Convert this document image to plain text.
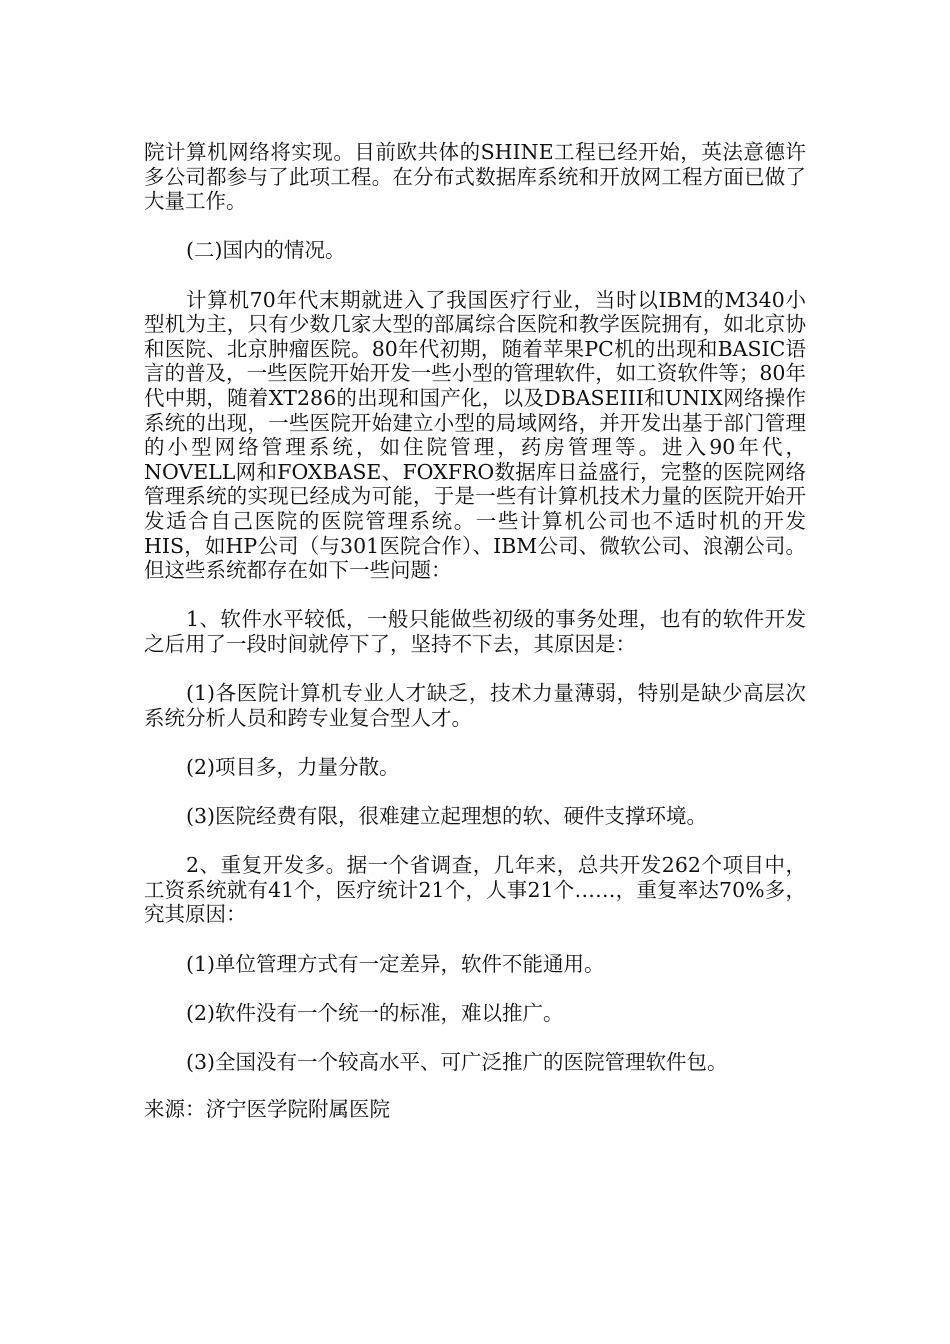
院计算机网络将实现。目前欧共体的SHINE工程已经开始，英法意德许多公司都参与了此项工程。在分布式数据库系统和开放网工程方面已做了大量工作。

(二)国内的情况。

计算机70年代末期就进入了我国医疗行业，当时以IBM的M340小型机为主，只有少数几家大型的部属综合医院和教学医院拥有，如北京协和医院、北京肿瘤医院。80年代初期，随着苹果PC机的出现和BASIC语言的普及，一些医院开始开发一些小型的管理软件，如工资软件等；80年代中期，随着XT286的出现和国产化，以及DBASEIII和UNIX网络操作系统的出现，一些医院开始建立小型的局域网络，并开发出基于部门管理的小型网络管理系统，如住院管理，药房管理等。进入90年代，NOVELL网和FOXBASE、FOXFRO数据库日益盛行，完整的医院网络管理系统的实现已经成为可能，于是一些有计算机技术力量的医院开始开发适合自己医院的医院管理系统。一些计算机公司也不适时机的开发HIS，如HP公司（与301医院合作）、IBM公司、微软公司、浪潮公司。但这些系统都存在如下一些问题：

1、软件水平较低，一般只能做些初级的事务处理，也有的软件开发之后用了一段时间就停下了，坚持不下去，其原因是：

(1)各医院计算机专业人才缺乏，技术力量薄弱，特别是缺少高层次系统分析人员和跨专业复合型人才。

(2)项目多，力量分散。

(3)医院经费有限，很难建立起理想的软、硬件支撑环境。

2、重复开发多。据一个省调查，几年来，总共开发262个项目中，工资系统就有41个，医疗统计21个，人事21个……，重复率达70%多，究其原因：

(1)单位管理方式有一定差异，软件不能通用。

(2)软件没有一个统一的标准，难以推广。

(3)全国没有一个较高水平、可广泛推广的医院管理软件包。

来源：济宁医学院附属医院
